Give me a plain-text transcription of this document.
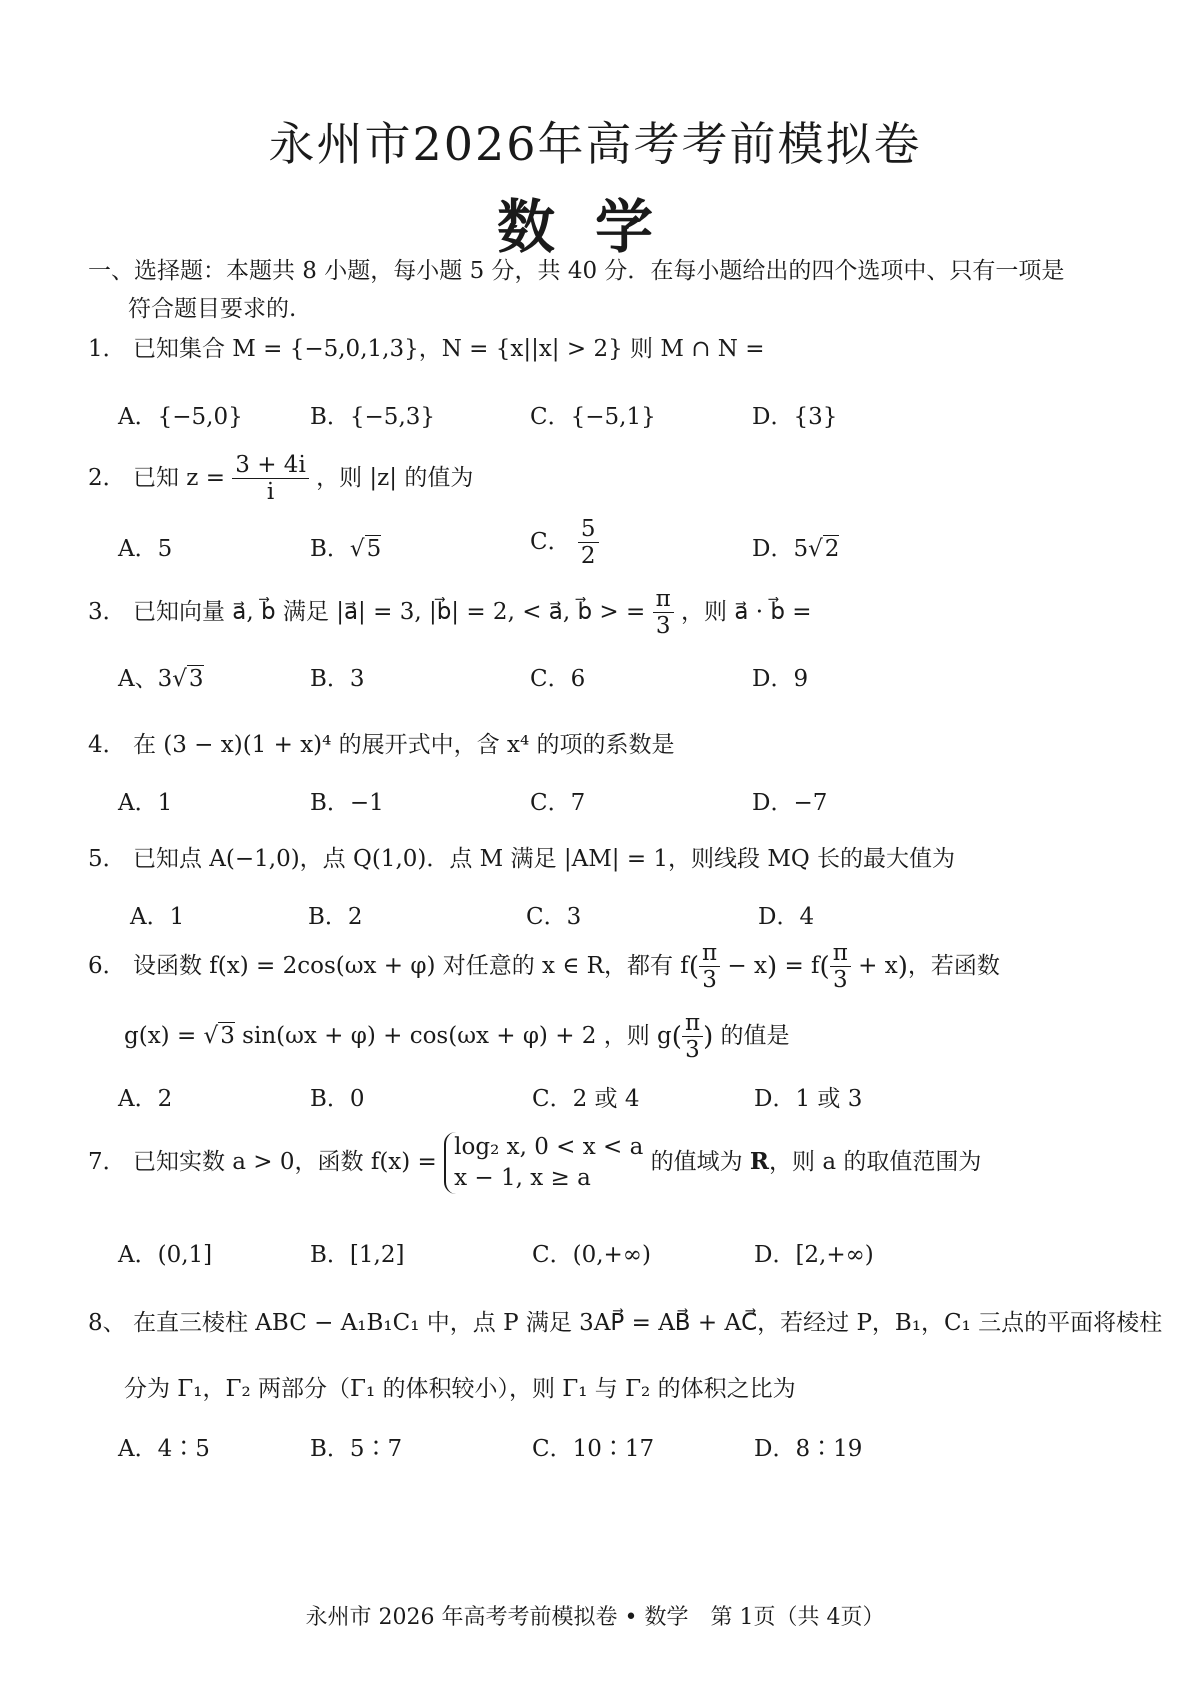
永州市2026年高考考前模拟卷
数学
一、选择题：本题共 8 小题，每小题 5 分，共 40 分．在每小题给出的四个选项中、只有一项是
符合题目要求的.
1． 已知集合 M = {−5,0,1,3}，N = {x||x| > 2} 则 M ∩ N =
A．{−5,0}	B．{−5,3}	C．{−5,1}	D．{3}
2． 已知 $z = \frac{3 + 4i}{i}$ ，则 |z| 的值为
A．5	B．√5	C． $\frac{5}{2}$	D．5√2
3． 已知向量 a⃗, b⃗ 满足 |a⃗| = 3, |b⃗| = 2, < a⃗, b⃗ > = $\frac{\pi}{3}$ ，则 a⃗ · b⃗ =
A、3√3	B．3	C．6	D．9
4． 在 (3 − x)(1 + x)⁴ 的展开式中，含 x⁴ 的项的系数是
A．1	B．−1	C．7	D．−7
5． 已知点 A(−1,0)，点 Q(1,0)．点 M 满足 |AM| = 1，则线段 MQ 长的最大值为
A．1	B．2	C．3	D．4
6． 设函数 f(x) = 2cos(ωx + φ) 对任意的 x ∈ R，都有 $f( \frac{\pi}{3} - x) = f( \frac{\pi}{3} + x)$，若函数
g(x) = √3 sin(ωx + φ) + cos(ωx + φ) + 2 ，则 $g( \frac{\pi}{3}$ ) 的值是
A．2	B．0	C．2 或 4	D．1 或 3
7． 已知实数 a > 0，函数 f(x) =
log₂ x, 0 < x < a
x − 1, x ≥ a
的值域为 R，则 a 的取值范围为
A．(0,1]	B．[1,2]	C．(0,+∞)	D．[2,+∞)
8、 在直三棱柱 ABC − A₁B₁C₁ 中，点 P 满足 3AP⃗ = AB⃗ + AC⃗，若经过 P，B₁，C₁ 三点的平面将棱柱
分为 Γ₁，Γ₂ 两部分（Γ₁ 的体积较小），则 Γ₁ 与 Γ₂ 的体积之比为
A．4∶5	B．5∶7	C．10∶17	D．8∶19
永州市 2026 年高考考前模拟卷 • 数学　第 1页（共 4页）
